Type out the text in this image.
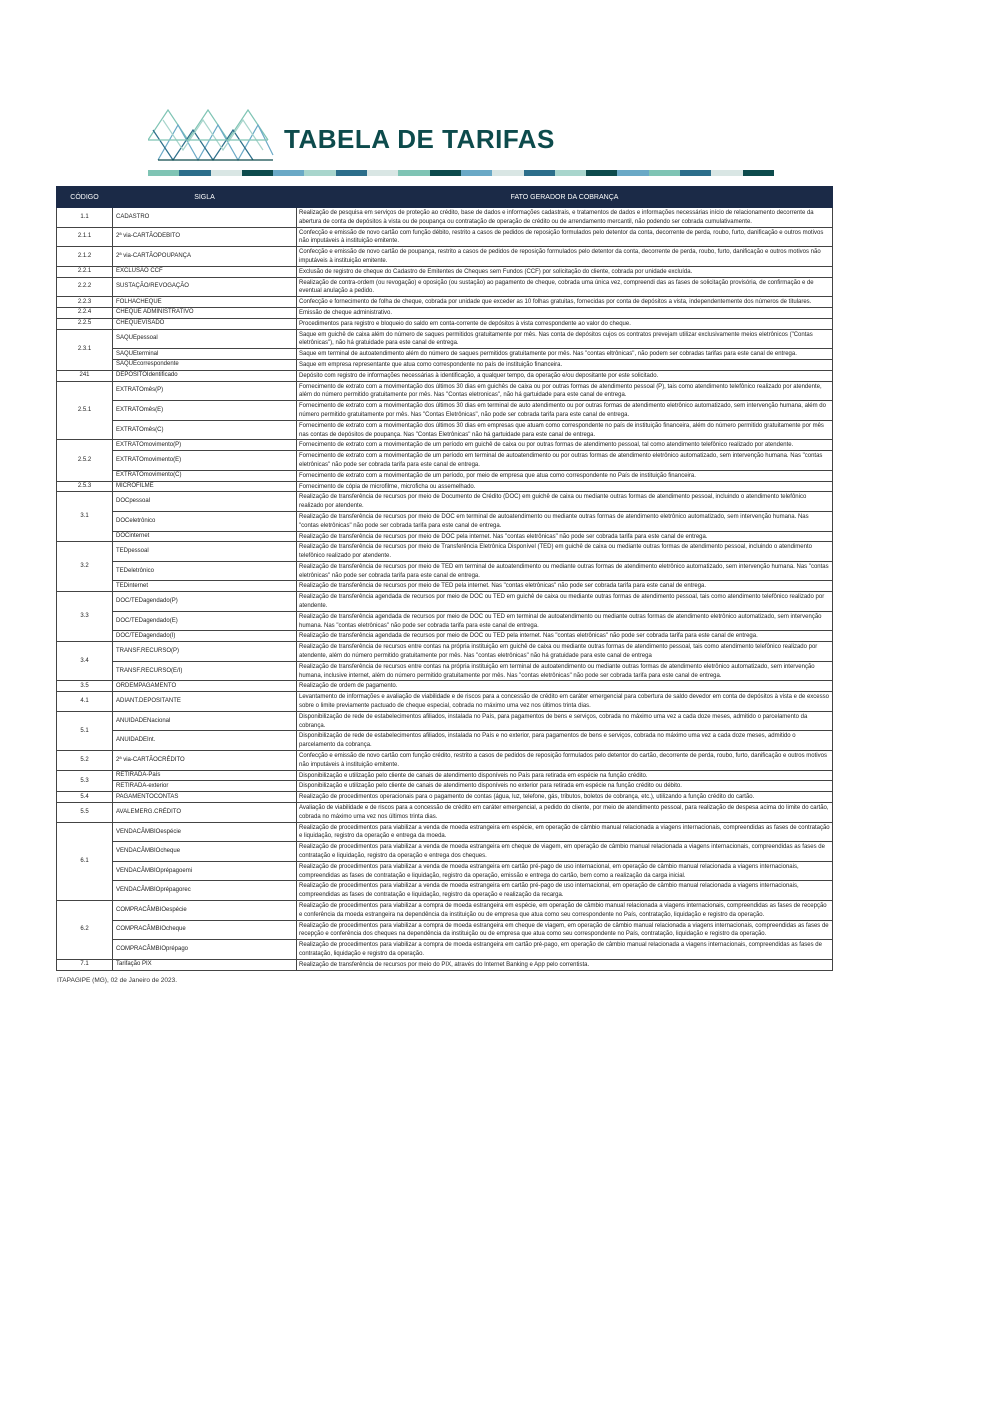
TABELA DE TARIFAS
CÓDIGO	SIGLA	FATO GERADOR DA COBRANÇA
1.1	CADASTRO	Realização de pesquisa em serviços de proteção ao crédito, base de dados e informações cadastrais, e tratamentos de dados e informações necessárias início de relacionamento decorrente da abertura de conta de depósitos à vista ou de poupança ou contratação de operação de crédito ou de arrendamento mercantil, não podendo ser cobrada cumulativamente.
2.1.1	2ª via-CARTÃODEBITO	Confecção e emissão de novo cartão com função débito, restrito a casos de pedidos de reposição formulados pelo detentor da conta, decorrente de perda, roubo, furto, danificação e outros motivos não imputáveis à instituição emitente.
2.1.2	2ª via-CARTÃOPOUPANÇA	Confecção e emissão de novo cartão de poupança, restrito a casos de pedidos de reposição formulados pelo detentor da conta, decorrente de perda, roubo, furto, danificação e outros motivos não imputáveis à instituição emitente.
2.2.1	EXCLUSÃO CCF	Exclusão de registro de cheque do Cadastro de Emitentes de Cheques sem Fundos (CCF) por solicitação do cliente, cobrada por unidade excluída.
2.2.2	SUSTAÇÃO/REVOGAÇÃO	Realização de contra-ordem (ou revogação) e oposição (ou sustação) ao pagamento de cheque, cobrada uma única vez, compreendi das as fases de solicitação provisória, de confirmação e de eventual anulação a pedido.
2.2.3	FOLHACHEQUE	Confecção e fornecimento de folha de cheque, cobrada por unidade que exceder as 10 folhas gratuitas, fornecidas por conta de depósitos a vista, independentemente dos números de titulares.
2.2.4	CHEQUE ADMINISTRATIVO	Emissão de cheque administrativo.
2.2.5	CHEQUEVISADO	Procedimentos para registro e bloqueio do saldo em conta-corrente de depósitos à vista correspondente ao valor do cheque.
2.3.1	SAQUEpessoal	Saque em guichê de caixa além do número de saques permitidos gratuitamente por mês. Nas conta de depósitos cujos os contratos prevejam utilizar exclusivamente meios eletrônicos ("Contas eletrônicas"), não há gratuidade para este canal de entrega.
	SAQUEterminal	Saque em terminal de autoatendimento além do número de saques permitidos gratuitamente por mês. Nas "contas eltrônicas", não podem ser cobradas tarifas para este canal de entrega.
	SAQUEcorrespondente	Saque em empresa representante que atua como correspondente no país de instituição financeira.
241	DEPÓSITOIdentificado	Depósito com registro de informações necessárias à identificação, a qualquer tempo, da operação e/ou depositante por este solicitado.
2.5.1	EXTRATOmês(P)	Fornecimento de extrato com a movimentação dos últimos 30 dias em guichês de caixa ou por outras formas de atendimento pessoal (P), tais como atendimento telefônico realizado por atendente, além do número permitido gratuitamente por mês. Nas "Contas eletronicas", não há gartuidade para este canal de entrega.
	EXTRATOmês(E)	Fornecimento de extrato com a movimentação dos últimos 30 dias em terminal de auto atendimento ou por outras formas de atendimento eletrônico automatizado, sem intervenção humana, além do número permitido gratuitamente por mês. Nas "Contas Eletrônicas", não pode ser cobrada tarifa para este canal de entrega.
	EXTRATOmês(C)	Fornecimento de extrato com a movimentação dos últimos 30 dias em empresas que atuam como correspondente no país de instituição financeira, além do número permitido gratuitamente por mês nas contas de depósitos de poupança. Nas "Contas Eletrônicas" não há gartuidade para este canal de entrega.
2.5.2	EXTRATOmovimento(P)	Fornecimento de extrato com a movimentação de um período em guichê de caixa ou por outras formas de atendimento pessoal, tal como atendimento telefônico realizado por atendente.
	EXTRATOmovimento(E)	Fornecimento de extrato com a movimentação de um período em terminal de autoatendimento ou por outras formas de atendimento eletrônico automatizado, sem intervenção humana. Nas "contas eletrônicas" não pode ser cobrada tarifa para este canal de entrega.
	EXTRATOmovimento(C)	Fornecimento de extrato com a movimentação de um período, por meio de empresa que atua como correspondente no País de instituição financeira.
2.5.3	MICROFILME	Fornecimento de cópia de microfilme, microficha ou assemelhado.
3.1	DOCpessoal	Realização de transferência de recursos por meio de Documento de Crédito (DOC) em guichê de caixa ou mediante outras formas de atendimento pessoal, incluindo o atendimento telefônico realizado por atendente.
	DOCeletrônico	Realização de transferência de recursos por meio de DOC em terminal de autoatendimento ou mediante outras formas de atendimento eletrônico automatizado, sem intervenção humana. Nas "contas eletrônicas" não pode ser cobrada tarifa para este canal de entrega.
	DOCinternet	Realização de transferência de recursos por meio de DOC pela internet. Nas "contas eletrônicas" não pode ser cobrada tarifa para este canal de entrega.
3.2	TEDpessoal	Realização de transferência de recursos por meio de Transferência Eletrônica Disponível (TED) em guichê de caixa ou mediante outras formas de atendimento pessoal, incluindo o atendimento telefônico realizado por atendente.
	TEDeletrônico	Realização de transferência de recursos por meio de TED em terminal de autoatendimento ou mediante outras formas de atendimento eletrônico automatizado, sem intervenção humana. Nas "contas eletrônicas" não pode ser cobrada tarifa para este canal de entrega.
	TEDinternet	Realização de transferência de recursos por meio de TED pela internet. Nas "contas eletrônicas" não pode ser cobrada tarifa para este canal de entrega.
3.3	DOC/TEDagendado(P)	Realização de transferência agendada de recursos por meio de DOC ou TED em guichê de caixa ou mediante outras formas de atendimento pessoal, tais como atendimento telefônico realizado por atendente.
	DOC/TEDagendado(E)	Realização de transferência agendada de recursos por meio de DOC ou TED em terminal de autoatendimento ou mediante outras formas de atendimento eletrônico automatizado, sem intervenção humana. Nas "contas eletrônicas" não pode ser cobrada tarifa para este canal de entrega.
	DOC/TEDagendado(I)	Realização de transferência agendada de recursos por meio de DOC ou TED pela internet. Nas "contas eletrônicas" não pode ser cobrada tarifa para este canal de entrega.
3.4	TRANSF.RECURSO(P)	Realização de transferência de recursos entre contas na própria instituição em guichê de caixa ou mediante outras formas de atendimento pessoal, tais como atendimento telefônico realizado por atendente, além do número permitido gratuitamente por mês. Nas "contas eletrônicas" não há gratuidade para este canal de entrega
	TRANSF.RECURSO(E/I)	Realização de transferência de recursos entre contas na própria instituição em terminal de autoatendimento ou mediante outras formas de atendimento eletrônico automatizado, sem intervenção humana, inclusive internet, além do número permitido gratuitamente por mês. Nas "contas eletrônicas" não pode ser cobrada tarifa para este canal de entrega.
3.5	ORDEMPAGAMENTO	Realização de ordem de pagamento.
4.1	ADIANT.DEPOSITANTE	Levantamento de informações e avaliação de viabilidade e de riscos para a concessão de crédito em caráter emergencial para cobertura de saldo devedor em conta de depósitos à vista e de excesso sobre o limite previamente pactuado de cheque especial, cobrada no máximo uma vez nos últimos trinta dias.
5.1	ANUIDADENacional	Disponibilização de rede de estabelecimentos afiliados, instalada no País, para pagamentos de bens e serviços, cobrada no máximo uma vez a cada doze meses, admitido o parcelamento da cobrança.
	ANUIDADEInt.	Disponibilização de rede de estabelecimentos afiliados, instalada no País e no exterior, para pagamentos de bens e serviços, cobrada no máximo uma vez a cada doze meses, admitido o parcelamento da cobrança.
5.2	2ª via-CARTÃOCRÉDITO	Confecção e emissão de novo cartão com função crédito, restrito a casos de pedidos de reposição formulados pelo detentor do cartão, decorrente de perda, roubo, furto, danificação e outros motivos não imputáveis à instituição emitente.
5.3	RETIRADA-País	Disponibilização e utilização pelo cliente de canais de atendimento disponíveis no País para retirada em espécie na função crédito.
	RETIRADA-exterior	Disponibilização e utilização pelo cliente de canais de atendimento disponíveis no exterior para retirada em espécie na função crédito ou débito.
5.4	PAGAMENTOCONTAS	Realização de procedimentos operacionais para o pagamento de contas (água, luz, telefone, gás, tributos, boletos de cobrança, etc.), utilizando a função crédito do cartão.
5.5	AVALEMERG.CRÉDITO	Avaliação de viabilidade e de riscos para a concessão de crédito em caráter emergencial, a pedido do cliente, por meio de atendimento pessoal, para realização de despesa acima do limite do cartão, cobrada no máximo uma vez nos últimos trinta dias.
6.1	VENDACÂMBIOespécie	Realização de procedimentos para viabilizar a venda de moeda estrangeira em espécie, em operação de câmbio manual relacionada a viagens internacionais, compreendidas as fases de contratação e liquidação, registro da operação e entrega da moeda.
	VENDACÂMBIOcheque	Realização de procedimentos para viabilizar a venda de moeda estrangeira em cheque de viagem, em operação de câmbio manual relacionada a viagens internacionais, compreendidas as fases de contratação e liquidação, registro da operação e entrega dos cheques.
	VENDACÂMBIOprépagoemi	Realização de procedimentos para viabilizar a venda de moeda estrangeira em cartão pré-pago de uso internacional, em operação de câmbio manual relacionada a viagens internacionais, compreendidas as fases de contratação e liquidação, registro da operação, emissão e entrega do cartão, bem como a realização da carga inicial.
	VENDACÂMBIOprépagorec	Realização de procedimentos para viabilizar a venda de moeda estrangeira em cartão pré-pago de uso internacional, em operação de câmbio manual relacionada a viagens internacionais, compreendidas as fases de contratação e liquidação, registro da operação e realização da recarga.
6.2	COMPRACÂMBIOespécie	Realização de procedimentos para viabilizar a compra de moeda estrangeira em espécie, em operação de câmbio manual relacionada a viagens internacionais, compreendidas as fases de recepção e conferência da moeda estrangeira na dependência da instituição ou de empresa que atua como seu correspondente no País, contratação, liquidação e registro da operação.
	COMPRACÂMBIOcheque	Realização de procedimentos para viabilizar a compra de moeda estrangeira em cheque de viagem, em operação de câmbio manual relacionada a viagens internacionais, compreendidas as fases de recepção e conferência dos cheques na dependência da instituição ou de empresa que atua como seu correspondente no País, contratação, liquidação e registro da operação.
	COMPRACÂMBIOprépago	Realização de procedimentos para viabilizar a compra de moeda estrangeira em cartão pré-pago, em operação de câmbio manual relacionada a viagens internacionais, compreendidas as fases de contratação, liquidação e registro da operação.
7.1	Tarifação PIX	Realização de transferência de recursos por meio do PIX, através do Internet Banking e App pelo correntista.
ITAPAGIPE (MG), 02 de Janeiro de 2023.
